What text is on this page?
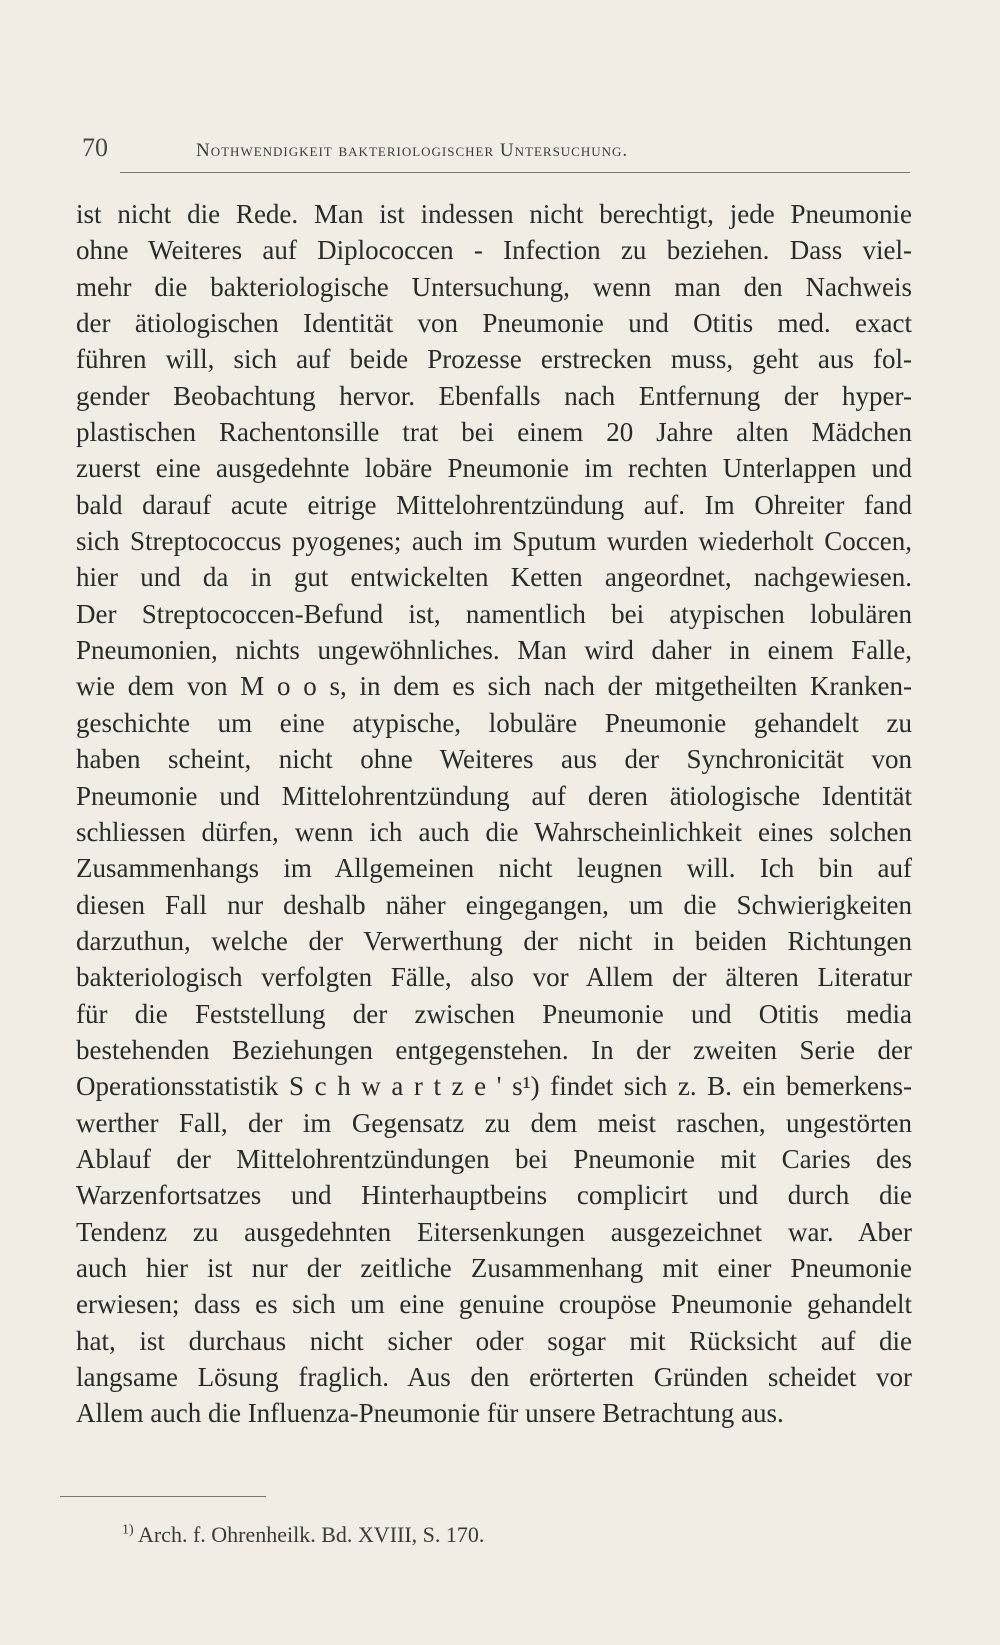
70	Nothwendigkeit bakteriologischer Untersuchung.
ist nicht die Rede. Man ist indessen nicht berechtigt, jede Pneumonie
ohne Weiteres auf Diplococcen - Infection zu beziehen. Dass viel-
mehr die bakteriologische Untersuchung, wenn man den Nachweis
der ätiologischen Identität von Pneumonie und Otitis med. exact
führen will, sich auf beide Prozesse erstrecken muss, geht aus fol-
gender Beobachtung hervor. Ebenfalls nach Entfernung der hyper-
plastischen Rachentonsille trat bei einem 20 Jahre alten Mädchen
zuerst eine ausgedehnte lobäre Pneumonie im rechten Unterlappen und
bald darauf acute eitrige Mittelohrentzündung auf. Im Ohreiter fand
sich Streptococcus pyogenes; auch im Sputum wurden wiederholt Coccen,
hier und da in gut entwickelten Ketten angeordnet, nachgewiesen.
Der Streptococcen-Befund ist, namentlich bei atypischen lobulären
Pneumonien, nichts ungewöhnliches. Man wird daher in einem Falle,
wie dem von M o o s, in dem es sich nach der mitgetheilten Kranken-
geschichte um eine atypische, lobuläre Pneumonie gehandelt zu
haben scheint, nicht ohne Weiteres aus der Synchronicität von
Pneumonie und Mittelohrentzündung auf deren ätiologische Identität
schliessen dürfen, wenn ich auch die Wahrscheinlichkeit eines solchen
Zusammenhangs im Allgemeinen nicht leugnen will. Ich bin auf
diesen Fall nur deshalb näher eingegangen, um die Schwierigkeiten
darzuthun, welche der Verwerthung der nicht in beiden Richtungen
bakteriologisch verfolgten Fälle, also vor Allem der älteren Literatur
für die Feststellung der zwischen Pneumonie und Otitis media
bestehenden Beziehungen entgegenstehen. In der zweiten Serie der
Operationsstatistik S c h w a r t z e ' s¹) findet sich z. B. ein bemerkens-
werther Fall, der im Gegensatz zu dem meist raschen, ungestörten
Ablauf der Mittelohrentzündungen bei Pneumonie mit Caries des
Warzenfortsatzes und Hinterhauptbeins complicirt und durch die
Tendenz zu ausgedehnten Eitersenkungen ausgezeichnet war. Aber
auch hier ist nur der zeitliche Zusammenhang mit einer Pneumonie
erwiesen; dass es sich um eine genuine croupöse Pneumonie gehandelt
hat, ist durchaus nicht sicher oder sogar mit Rücksicht auf die
langsame Lösung fraglich. Aus den erörterten Gründen scheidet vor
Allem auch die Influenza-Pneumonie für unsere Betrachtung aus.
$^{1)}$ Arch. f. Ohrenheilk. Bd. XVIII, S. 170.
